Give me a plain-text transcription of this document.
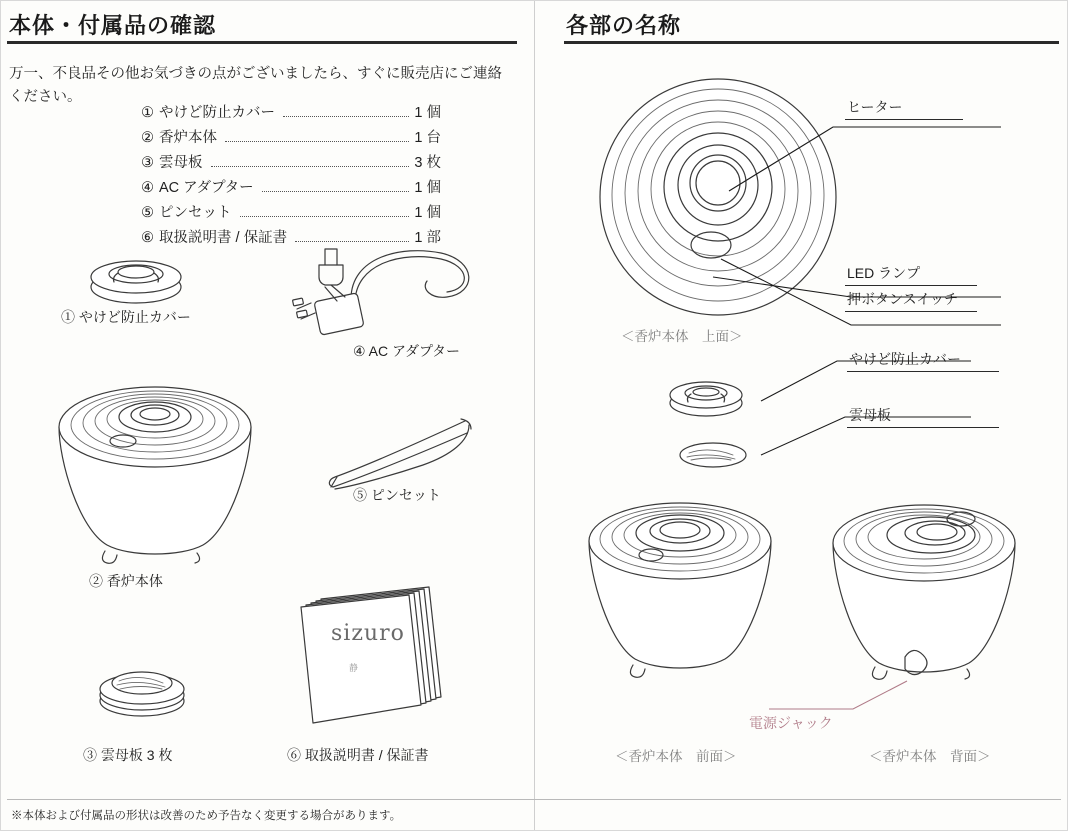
本体・付属品の確認
万一、不良品その他お気づきの点がございましたら、すぐに販売店にご連絡ください。
① やけど防止カバー	1 個
② 香炉本体	1 台
③ 雲母板	3 枚
④ AC アダプター	1 個
⑤ ピンセット	1 個
⑥ 取扱説明書 / 保証書	1 部
① やけど防止カバー
④ AC アダプター
② 香炉本体
⑤ ピンセット
③ 雲母板 3 枚
sizuro
静
⑥ 取扱説明書 / 保証書
各部の名称
ヒーター
LED ランプ
押ボタンスイッチ
＜香炉本体　上面＞
やけど防止カバー
雲母板
＜香炉本体　前面＞	＜香炉本体　背面＞
電源ジャック
※本体および付属品の形状は改善のため予告なく変更する場合があります。
